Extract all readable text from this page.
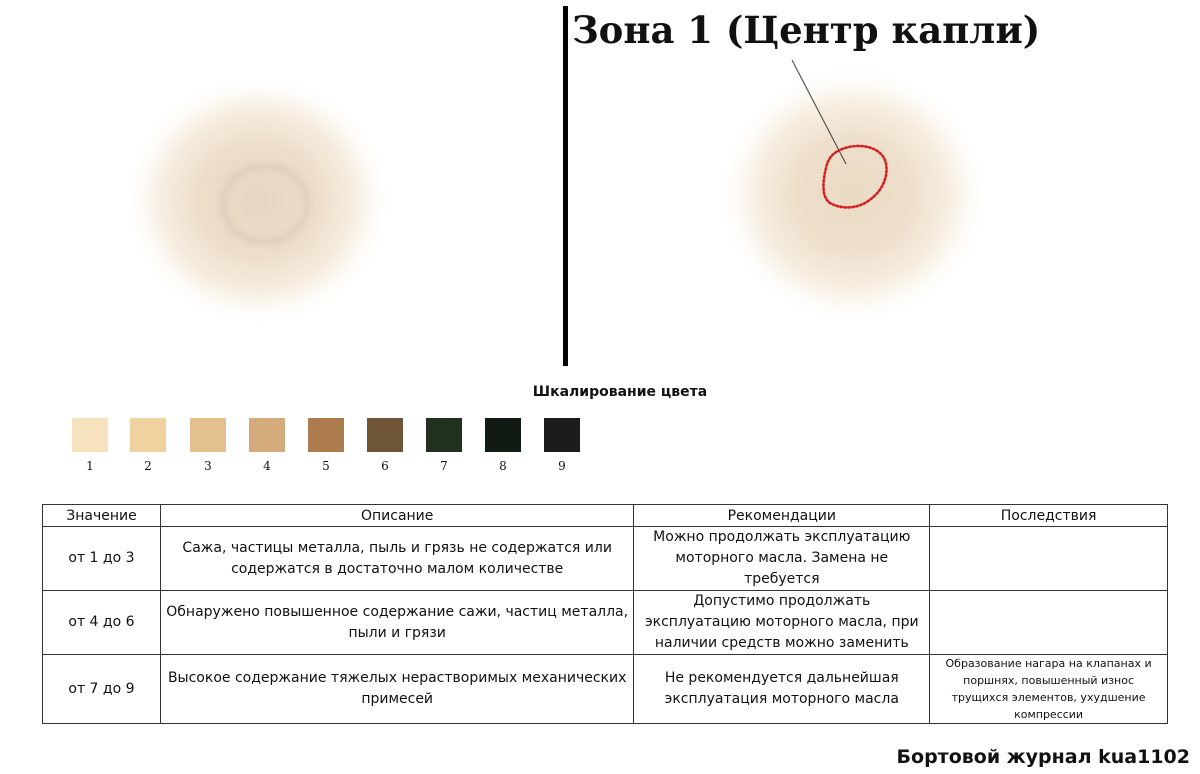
Зона 1 (Центр капли)
Шкалирование цвета
1	2	3	4	5	6	7	8	9
Значение	Описание	Рекомендации	Последствия
от 1 до 3	Сажа, частицы металла, пыль и грязь не содержатся или содержатся в достаточно малом количестве	Можно продолжать эксплуатацию моторного масла. Замена не требуется	
от 4 до 6	Обнаружено повышенное содержание сажи, частиц металла, пыли и грязи	Допустимо продолжать эксплуатацию моторного масла, при наличии средств можно заменить	
от 7 до 9	Высокое содержание тяжелых нерастворимых механических примесей	Не рекомендуется дальнейшая эксплуатация моторного масла	Образование нагара на клапанах и поршнях, повышенный износ трущихся элементов, ухудшение компрессии
Бортовой журнал kua1102
